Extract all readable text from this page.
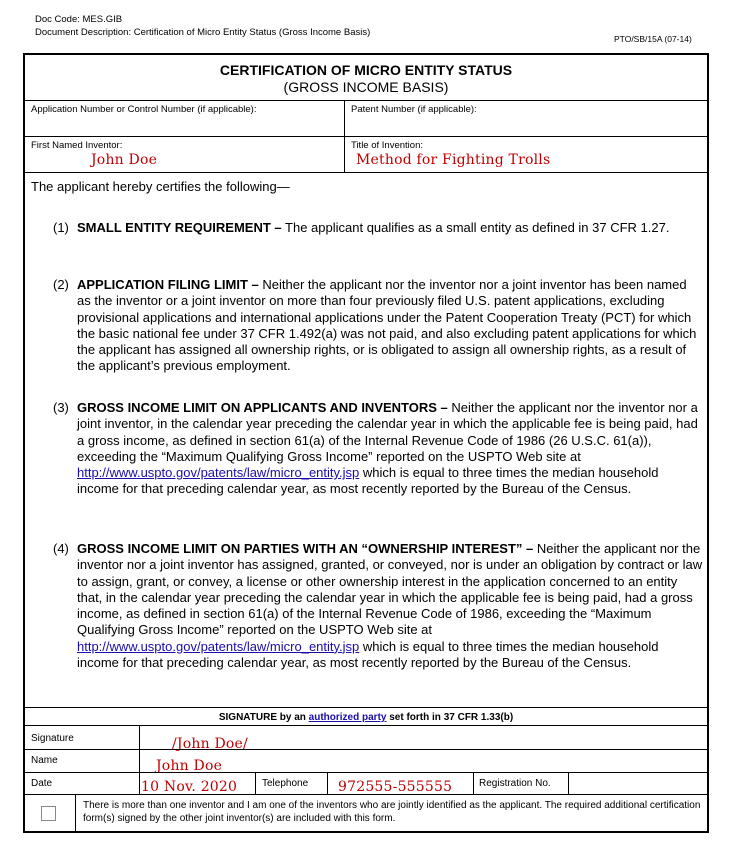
Doc Code: MES.GIB
Document Description: Certification of Micro Entity Status (Gross Income Basis)
PTO/SB/15A (07-14)
CERTIFICATION OF MICRO ENTITY STATUS
(GROSS INCOME BASIS)
Application Number or Control Number (if applicable):	Patent Number (if applicable):
First Named Inventor:
John Doe
Title of Invention:
Method for Fighting Trolls
The applicant hereby certifies the following—
(1) SMALL ENTITY REQUIREMENT – The applicant qualifies as a small entity as defined in 37 CFR 1.27.
(2) APPLICATION FILING LIMIT – Neither the applicant nor the inventor nor a joint inventor has been named as the inventor or a joint inventor on more than four previously filed U.S. patent applications, excluding provisional applications and international applications under the Patent Cooperation Treaty (PCT) for which the basic national fee under 37 CFR 1.492(a) was not paid, and also excluding patent applications for which the applicant has assigned all ownership rights, or is obligated to assign all ownership rights, as a result of the applicant’s previous employment.
(3) GROSS INCOME LIMIT ON APPLICANTS AND INVENTORS – Neither the applicant nor the inventor nor a joint inventor, in the calendar year preceding the calendar year in which the applicable fee is being paid, had a gross income, as defined in section 61(a) of the Internal Revenue Code of 1986 (26 U.S.C. 61(a)), exceeding the “Maximum Qualifying Gross Income” reported on the USPTO Web site at http://www.uspto.gov/patents/law/micro_entity.jsp which is equal to three times the median household income for that preceding calendar year, as most recently reported by the Bureau of the Census.
(4) GROSS INCOME LIMIT ON PARTIES WITH AN “OWNERSHIP INTEREST” – Neither the applicant nor the inventor nor a joint inventor has assigned, granted, or conveyed, nor is under an obligation by contract or law to assign, grant, or convey, a license or other ownership interest in the application concerned to an entity that, in the calendar year preceding the calendar year in which the applicable fee is being paid, had a gross income, as defined in section 61(a) of the Internal Revenue Code of 1986, exceeding the “Maximum Qualifying Gross Income” reported on the USPTO Web site at http://www.uspto.gov/patents/law/micro_entity.jsp which is equal to three times the median household income for that preceding calendar year, as most recently reported by the Bureau of the Census.
SIGNATURE by an authorized party set forth in 37 CFR 1.33(b)
Signature	/John Doe/
Name	John Doe
Date	10 Nov. 2020 Telephone 972555-555555	Registration No.
There is more than one inventor and I am one of the inventors who are jointly identified as the applicant. The required additional certification form(s) signed by the other joint inventor(s) are included with this form.
